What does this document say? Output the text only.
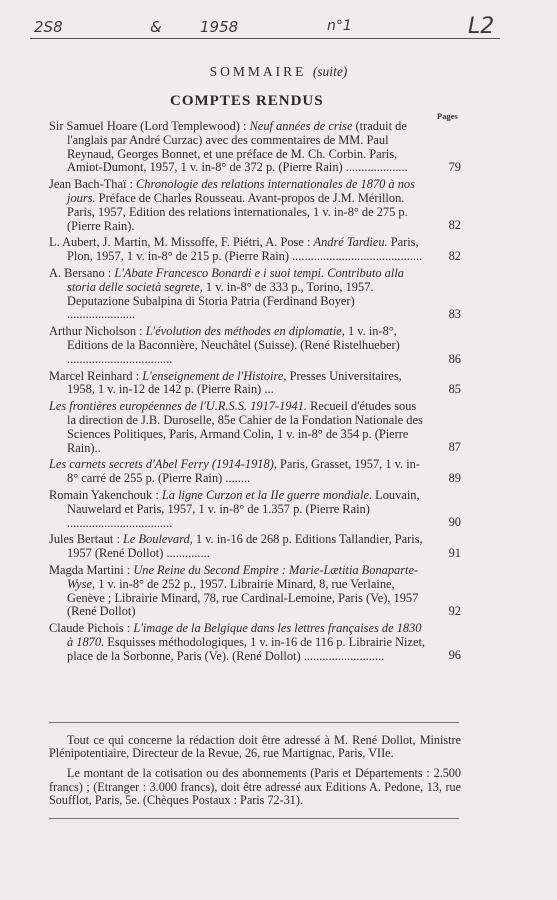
2S8	&	1958	n°1	L2
SOMMAIRE (suite)
COMPTES RENDUS
Pages
Sir Samuel Hoare (Lord Templewood) : Neuf années de crise (traduit de l'anglais par André Curzac) avec des commentaires de MM. Paul Reynaud, Georges Bonnet, et une préface de M. Ch. Corbin. Paris, Amiot-Dumont, 1957, 1 v. in-8° de 372 p. (Pierre Rain) ....................	79
Jean Bach-Thaï : Chronologie des relations internationales de 1870 à nos jours. Préface de Charles Rousseau. Avant-propos de J.M. Mérillon. Paris, 1957, Edition des relations internationales, 1 v. in-8° de 275 p. (Pierre Rain).	82
L. Aubert, J. Martin, M. Missoffe, F. Piétri, A. Pose : André Tardieu. Paris, Plon, 1957, 1 v. in-8° de 215 p. (Pierre Rain) .......................................... 82
A. Bersano : L'Abate Francesco Bonardi e i suoi tempi. Contributo alla storia delle società segrete, 1 v. in-8° de 333 p., Torino, 1957. Deputazione Subalpina di Storia Patria (Ferdinand Boyer) ......................	83
Arthur Nicholson : L'évolution des méthodes en diplomatie, 1 v. in-8°, Editions de la Baconnière, Neuchâtel (Suisse). (René Ristelhueber) ..................................	86
Marcel Reinhard : L'enseignement de l'Histoire, Presses Universitaires, 1958, 1 v. in-12 de 142 p. (Pierre Rain) ...	85
Les frontières européennes de l'U.R.S.S. 1917-1941. Recueil d'études sous la direction de J.B. Duroselle, 85e Cahier de la Fondation Nationale des Sciences Politiques, Paris, Armand Colin, 1 v. in-8° de 354 p. (Pierre Rain)..	87
Les carnets secrets d'Abel Ferry (1914-1918), Paris, Grasset, 1957, 1 v. in-8° carré de 255 p. (Pierre Rain) ........	89
Romain Yakenchouk : La ligne Curzon et la IIe guerre mondiale. Louvain, Nauwelard et Paris, 1957, 1 v. in-8° de 1.357 p. (Pierre Rain) ..................................	90
Jules Bertaut : Le Boulevard, 1 v. in-16 de 268 p. Editions Tallandier, Paris, 1957 (René Dollot) ..............	91
Magda Martini : Une Reine du Second Empire : Marie-Lætitia Bonaparte-Wyse, 1 v. in-8° de 252 p., 1957. Librairie Minard, 8, rue Verlaine, Genève ; Librairie Minard, 78, rue Cardinal-Lemoine, Paris (Ve), 1957 (René Dollot)	92
Claude Pichois : L'image de la Belgique dans les lettres françaises de 1830 à 1870. Esquisses méthodologiques, 1 v. in-16 de 116 p. Librairie Nizet, place de la Sorbonne, Paris (Ve). (René Dollot) ..........................	96

Tout ce qui concerne la rédaction doit être adressé à M. René Dollot, Ministre Plénipotentiaire, Directeur de la Revue, 26, rue Martignac, Paris, VIIe.

Le montant de la cotisation ou des abonnements (Paris et Départements : 2.500 francs) ; (Etranger : 3.000 francs), doit être adressé aux Editions A. Pedone, 13, rue Soufflot, Paris, 5e. (Chèques Postaux : Paris 72-31).
